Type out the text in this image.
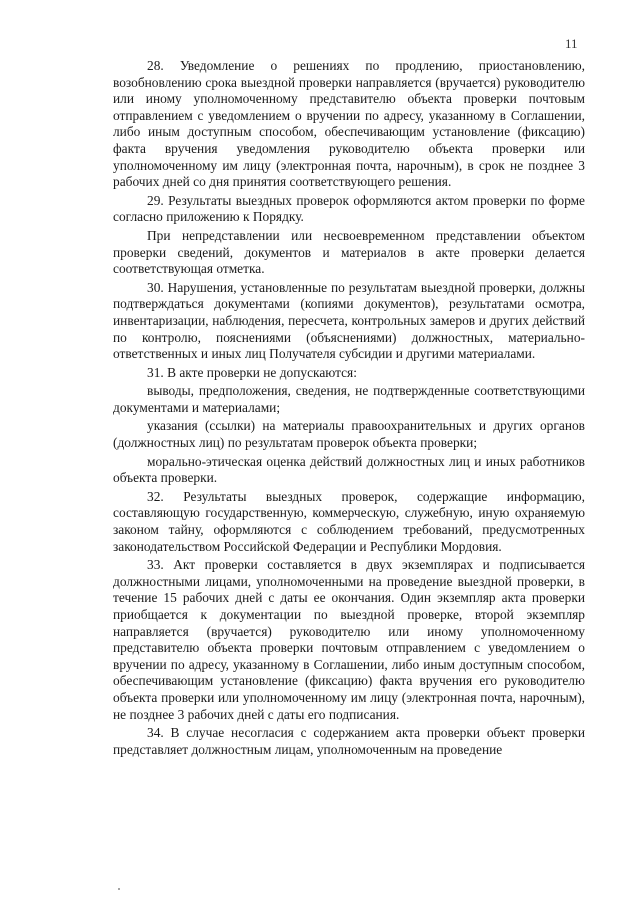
11

28. Уведомление о решениях по продлению, приостановлению, возобновлению срока выездной проверки направляется (вручается) руководителю или иному уполномоченному представителю объекта проверки почтовым отправлением с уведомлением о вручении по адресу, указанному в Соглашении, либо иным доступным способом, обеспечивающим установление (фиксацию) факта вручения уведомления руководителю объекта проверки или уполномоченному им лицу (электронная почта, нарочным), в срок не позднее 3 рабочих дней со дня принятия соответствующего решения.

29. Результаты выездных проверок оформляются актом проверки по форме согласно приложению к Порядку.

При непредставлении или несвоевременном представлении объектом проверки сведений, документов и материалов в акте проверки делается соответствующая отметка.

30. Нарушения, установленные по результатам выездной проверки, должны подтверждаться документами (копиями документов), результатами осмотра, инвентаризации, наблюдения, пересчета, контрольных замеров и других действий по контролю, пояснениями (объяснениями) должностных, материально-ответственных и иных лиц Получателя субсидии и другими материалами.

31. В акте проверки не допускаются:

выводы, предположения, сведения, не подтвержденные соответствующими документами и материалами;

указания (ссылки) на материалы правоохранительных и других органов (должностных лиц) по результатам проверок объекта проверки;

морально-этическая оценка действий должностных лиц и иных работников объекта проверки.

32. Результаты выездных проверок, содержащие информацию, составляющую государственную, коммерческую, служебную, иную охраняемую законом тайну, оформляются с соблюдением требований, предусмотренных законодательством Российской Федерации и Республики Мордовия.

33. Акт проверки составляется в двух экземплярах и подписывается должностными лицами, уполномоченными на проведение выездной проверки, в течение 15 рабочих дней с даты ее окончания. Один экземпляр акта проверки приобщается к документации по выездной проверке, второй экземпляр направляется (вручается) руководителю или иному уполномоченному представителю объекта проверки почтовым отправлением с уведомлением о вручении по адресу, указанному в Соглашении, либо иным доступным способом, обеспечивающим установление (фиксацию) факта вручения его руководителю объекта проверки или уполномоченному им лицу (электронная почта, нарочным), не позднее 3 рабочих дней с даты его подписания.

34. В случае несогласия с содержанием акта проверки объект проверки представляет должностным лицам, уполномоченным на проведение
